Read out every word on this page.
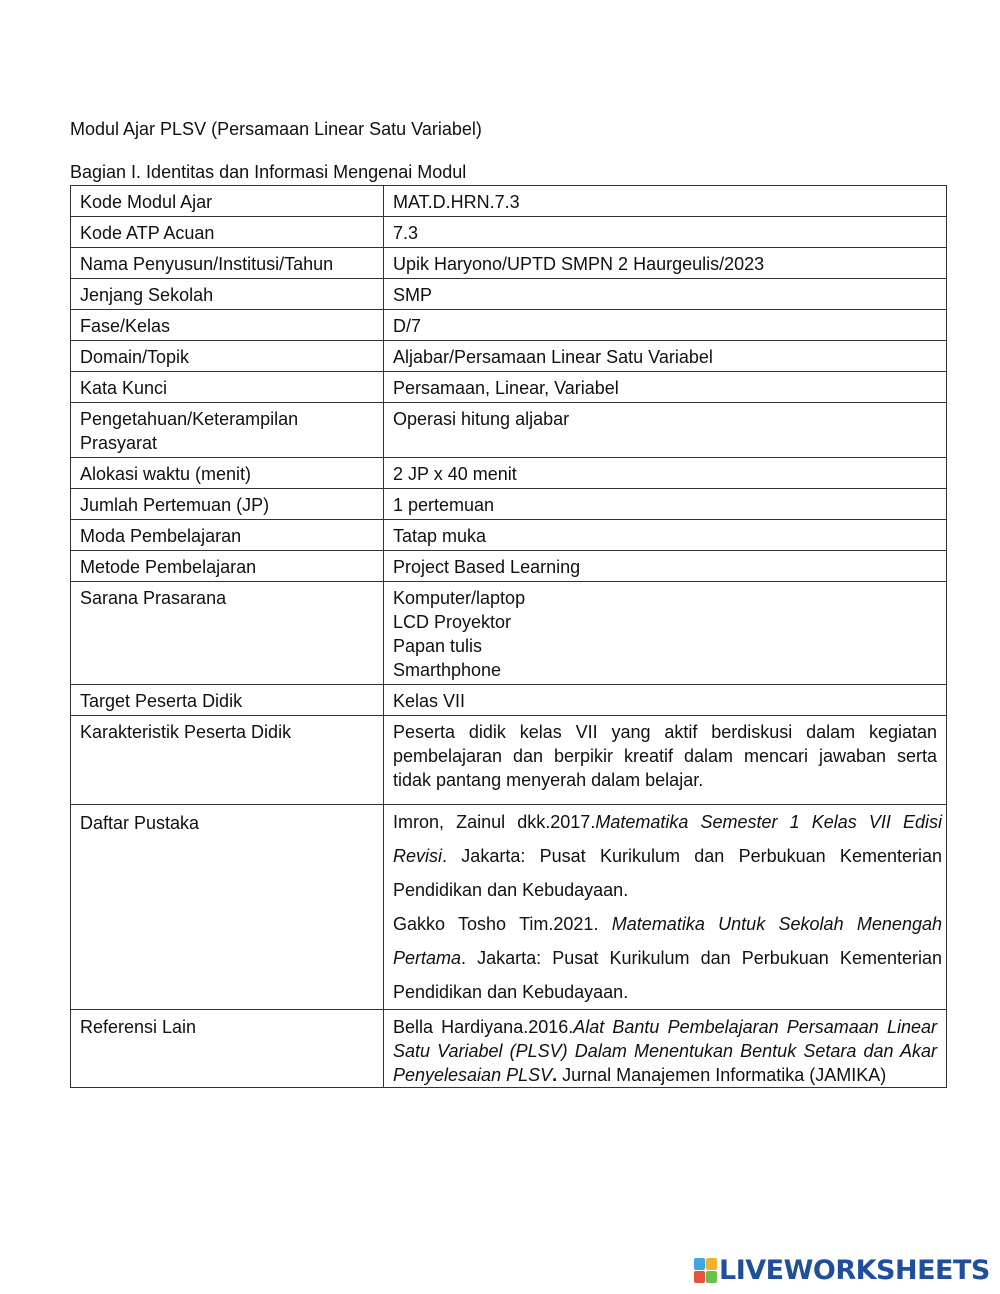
Modul Ajar PLSV (Persamaan Linear Satu Variabel)
Bagian I. Identitas dan Informasi Mengenai Modul
Kode Modul Ajar	MAT.D.HRN.7.3
Kode ATP Acuan	7.3
Nama Penyusun/Institusi/Tahun	Upik Haryono/UPTD SMPN 2 Haurgeulis/2023
Jenjang Sekolah	SMP
Fase/Kelas	D/7
Domain/Topik	Aljabar/Persamaan Linear Satu Variabel
Kata Kunci	Persamaan, Linear, Variabel
Pengetahuan/Keterampilan Prasyarat	Operasi hitung aljabar
Alokasi waktu (menit)	2 JP x 40 menit
Jumlah Pertemuan (JP)	1 pertemuan
Moda Pembelajaran	Tatap muka
Metode Pembelajaran	Project Based Learning
Sarana Prasarana	Komputer/laptop
LCD Proyektor
Papan tulis
Smarthphone

Target Peserta Didik	Kelas VII
Karakteristik Peserta Didik	Peserta didik kelas VII yang aktif berdiskusi dalam kegiatan pembelajaran dan berpikir kreatif dalam mencari jawaban serta tidak pantang menyerah dalam belajar.
Daftar Pustaka	Imron, Zainul dkk.2017.Matematika Semester 1 Kelas VII Edisi Revisi. Jakarta: Pusat Kurikulum dan Perbukuan Kementerian Pendidikan dan Kebudayaan.
Gakko Tosho Tim.2021. Matematika Untuk Sekolah Menengah Pertama. Jakarta: Pusat Kurikulum dan Perbukuan Kementerian Pendidikan dan Kebudayaan.
Referensi Lain	Bella Hardiyana.2016.Alat Bantu Pembelajaran Persamaan Linear Satu Variabel (PLSV) Dalam Menentukan Bentuk Setara dan Akar Penyelesaian PLSV. Jurnal Manajemen Informatika (JAMIKA)
LIVEWORKSHEETS
